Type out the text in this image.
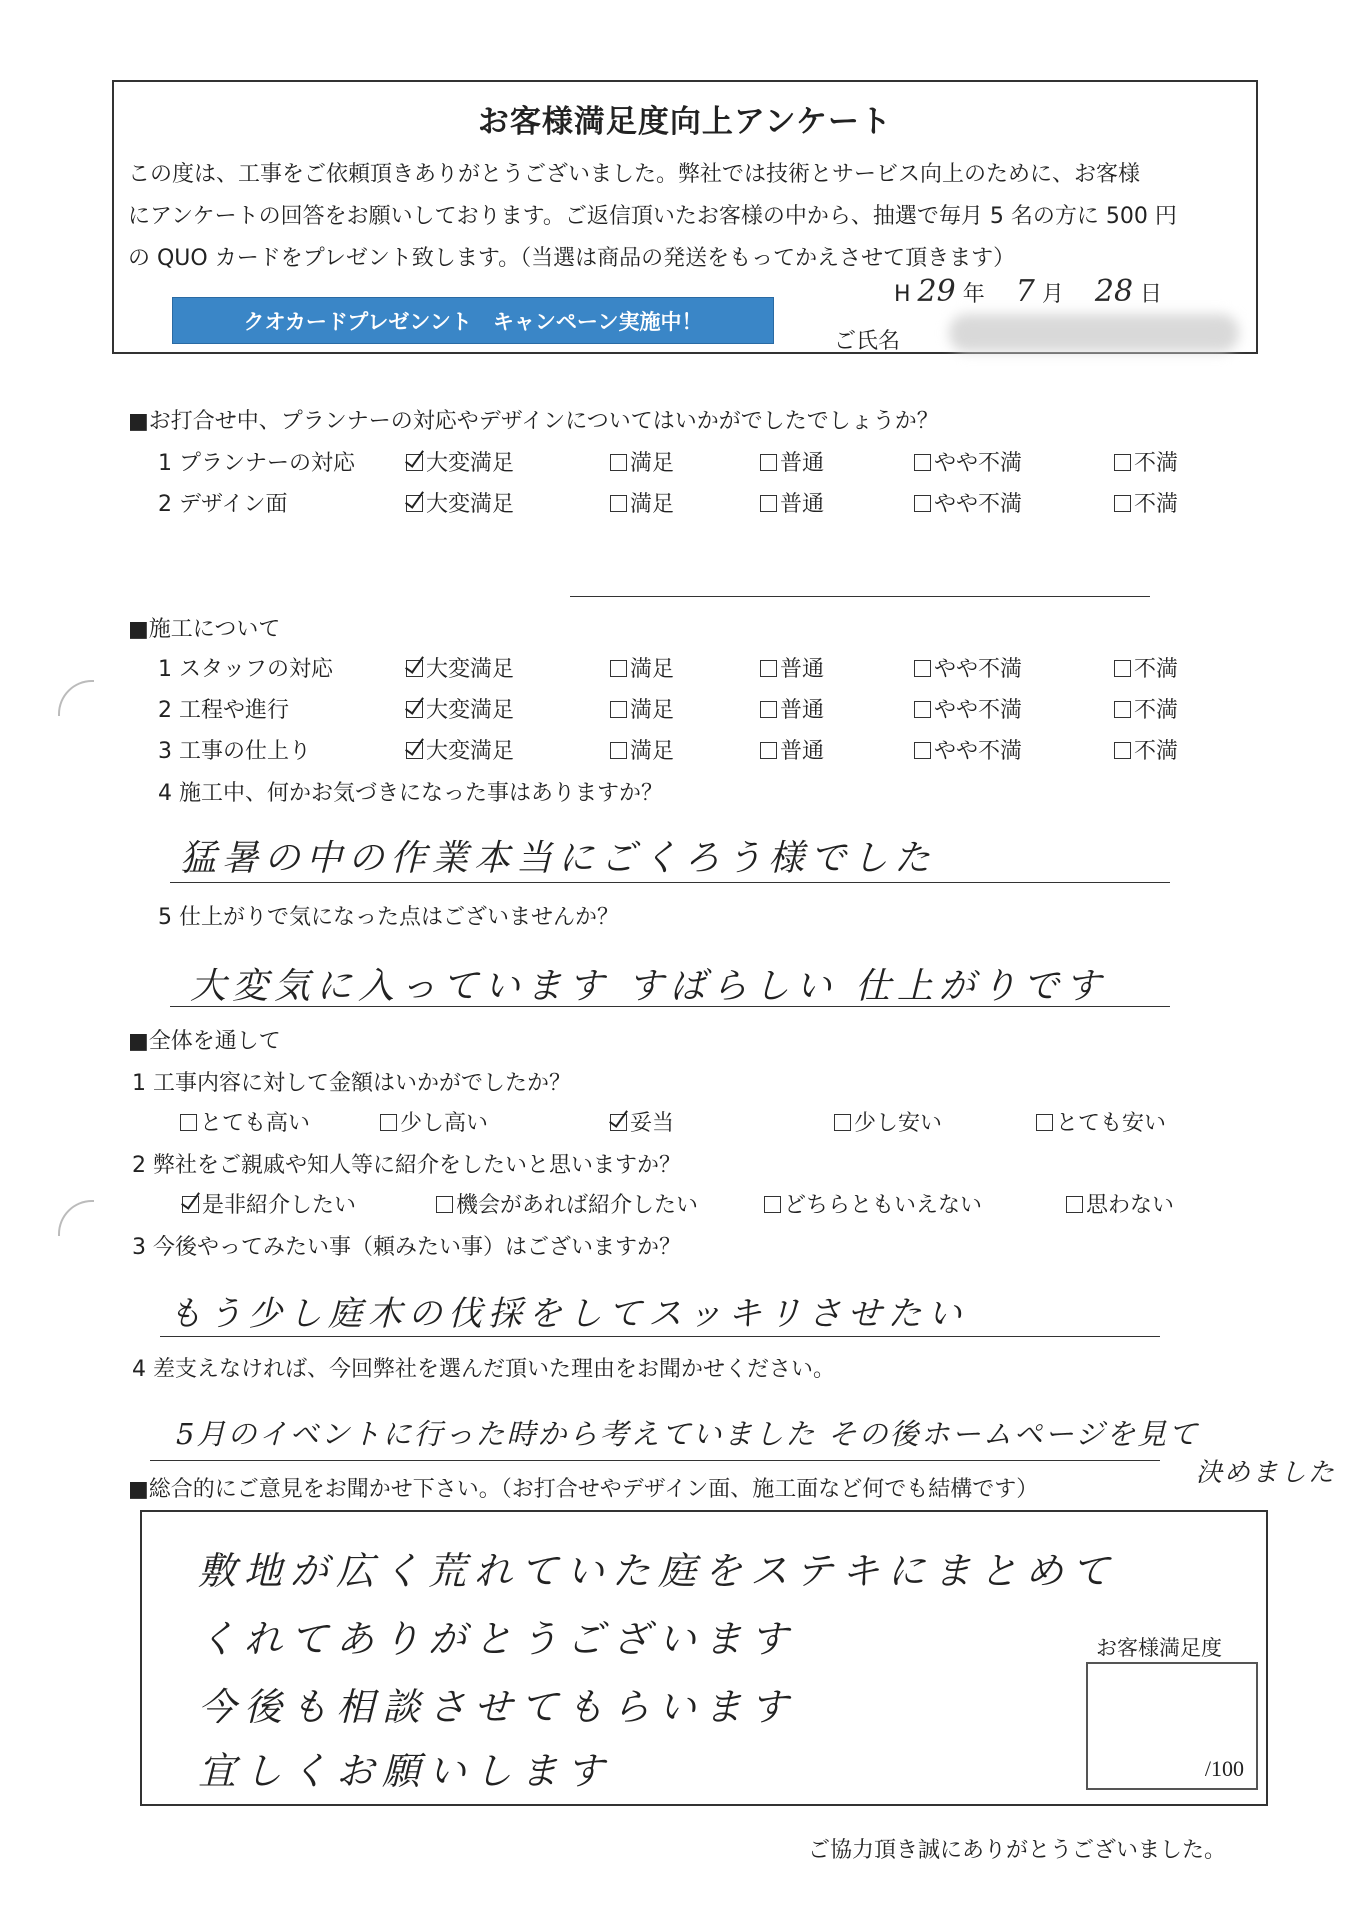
お客様満足度向上アンケート

この度は、工事をご依頼頂きありがとうございました。弊社では技術とサービス向上のために、お客様

にアンケートの回答をお願いしております。ご返信頂いたお客様の中から、抽選で毎月 5 名の方に 500 円

の QUO カードをプレゼント致します。（当選は商品の発送をもってかえさせて頂きます）

クオカードプレゼンント　キャンペーン実施中！
H 29 年 7 月 28 日
ご氏名
■お打合せ中、プランナーの対応やデザインについてはいかがでしたでしょうか？
1 プランナーの対応	大変満足	満足	普通	やや不満	不満
2 デザイン面	大変満足	満足	普通	やや不満	不満
■施工について
1 スタッフの対応	大変満足	満足	普通	やや不満	不満
2 工程や進行	大変満足	満足	普通	やや不満	不満
3 工事の仕上り	大変満足	満足	普通	やや不満	不満
4 施工中、何かお気づきになった事はありますか？
猛暑の中の作業本当にごくろう様でした
5 仕上がりで気になった点はございませんか？
大変気に入っています すばらしい 仕上がりです
■全体を通して
1 工事内容に対して金額はいかがでしたか？
とても高い	少し高い	妥当	少し安い	とても安い
2 弊社をご親戚や知人等に紹介をしたいと思いますか？
是非紹介したい	機会があれば紹介したい	どちらともいえない	思わない
3 今後やってみたい事（頼みたい事）はございますか？
もう少し庭木の伐採をしてスッキリさせたい
4 差支えなければ、今回弊社を選んだ頂いた理由をお聞かせください。
5月のイベントに行った時から考えていました その後ホームページを見て
決めました
■総合的にご意見をお聞かせ下さい。（お打合せやデザイン面、施工面など何でも結構です）
敷地が広く荒れていた庭をステキにまとめて
くれてありがとうございます
今後も相談させてもらいます
宜しくお願いします
お客様満足度
/100
ご協力頂き誠にありがとうございました。
